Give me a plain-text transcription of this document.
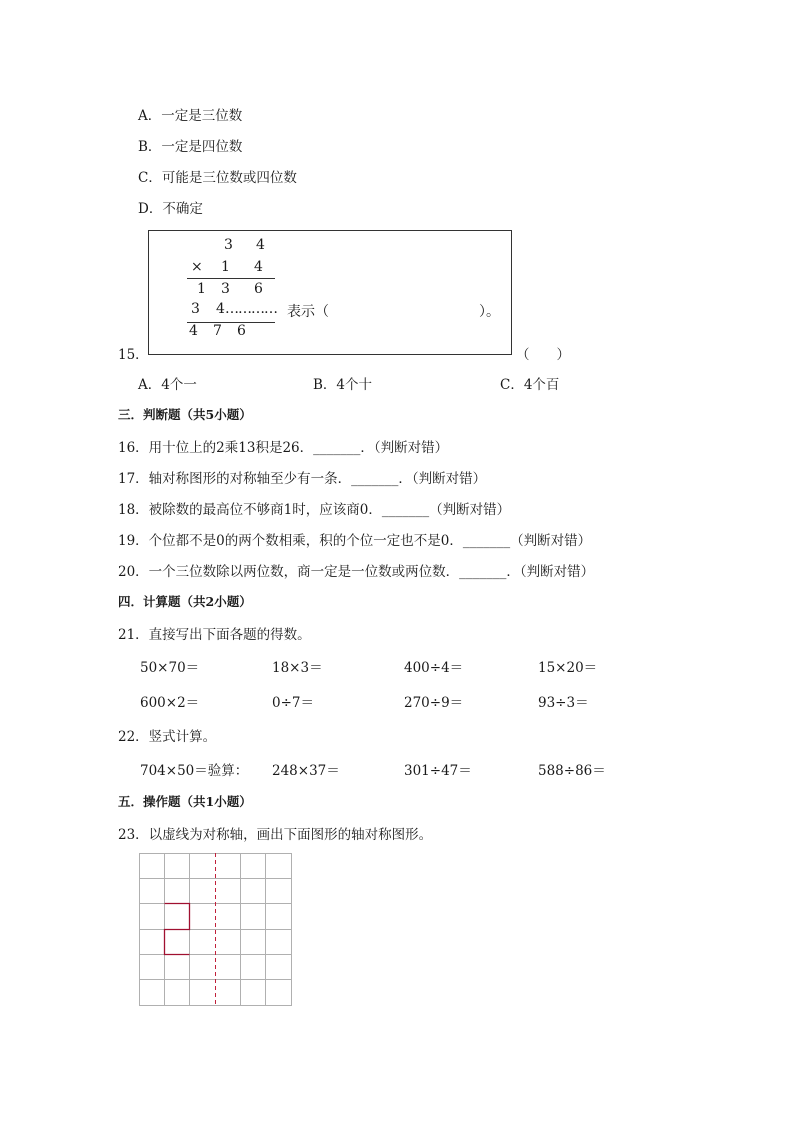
A．一定是三位数
B．一定是四位数
C．可能是三位数或四位数
D．不确定
15．
3 4
× 1 4
1 3 6
3 4 ………… 表示（	）。
4 7 6
（　　）
A．4个一	B．4个十	C．4个百
三．判断题（共5小题）
16．用十位上的2乘13积是26．_______．（判断对错）
17．轴对称图形的对称轴至少有一条．_______．（判断对错）
18．被除数的最高位不够商1时，应该商0．_______（判断对错）
19．个位都不是0的两个数相乘，积的个位一定也不是0．_______（判断对错）
20．一个三位数除以两位数，商一定是一位数或两位数．_______．（判断对错）
四．计算题（共2小题）
21．直接写出下面各题的得数。
50×70＝	18×3＝	400÷4＝	15×20＝
600×2＝	0÷7＝	270÷9＝	93÷3＝
22．竖式计算。
704×50＝验算： 248×37＝	301÷47＝	588÷86＝
五．操作题（共1小题）
23．以虚线为对称轴，画出下面图形的轴对称图形。
